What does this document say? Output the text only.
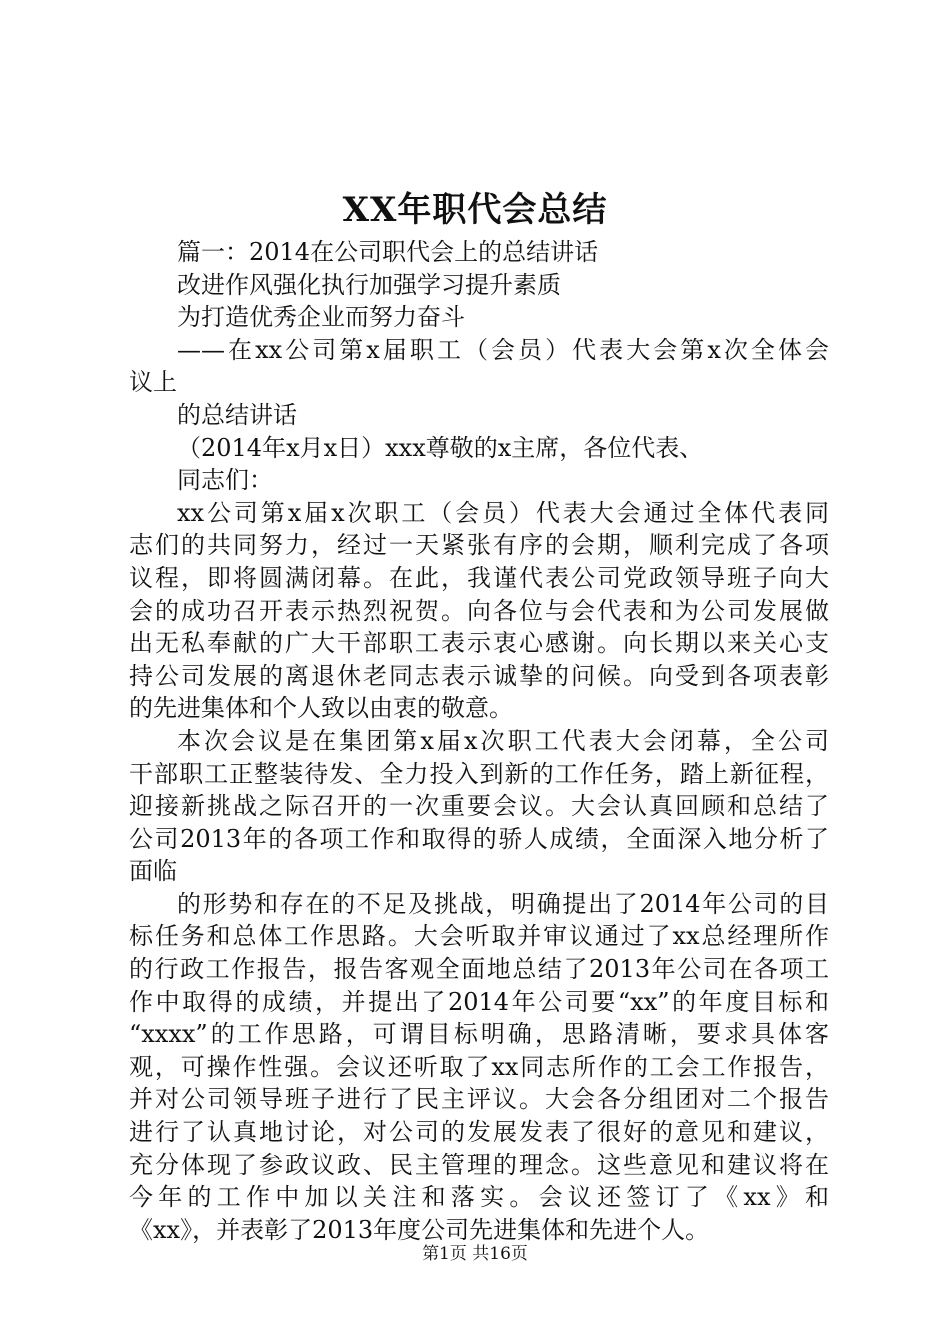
XX年职代会总结
篇一：2014在公司职代会上的总结讲话
改进作风强化执行加强学习提升素质
为打造优秀企业而努力奋斗
——在xx公司第x届职工（会员）代表大会第x次全体会
议上
的总结讲话
（2014年x月x日）xxx尊敬的x主席，各位代表、
同志们：
xx公司第x届x次职工（会员）代表大会通过全体代表同
志们的共同努力，经过一天紧张有序的会期，顺利完成了各项
议程，即将圆满闭幕。在此，我谨代表公司党政领导班子向大
会的成功召开表示热烈祝贺。向各位与会代表和为公司发展做
出无私奉献的广大干部职工表示衷心感谢。向长期以来关心支
持公司发展的离退休老同志表示诚挚的问候。向受到各项表彰
的先进集体和个人致以由衷的敬意。
本次会议是在集团第x届x次职工代表大会闭幕，全公司
干部职工正整装待发、全力投入到新的工作任务，踏上新征程，
迎接新挑战之际召开的一次重要会议。大会认真回顾和总结了
公司2013年的各项工作和取得的骄人成绩，全面深入地分析了
面临
的形势和存在的不足及挑战，明确提出了2014年公司的目
标任务和总体工作思路。大会听取并审议通过了xx总经理所作
的行政工作报告，报告客观全面地总结了2013年公司在各项工
作中取得的成绩，并提出了2014年公司要“xx”的年度目标和
“xxxx”的工作思路，可谓目标明确，思路清晰，要求具体客
观，可操作性强。会议还听取了xx同志所作的工会工作报告，
并对公司领导班子进行了民主评议。大会各分组团对二个报告
进行了认真地讨论，对公司的发展发表了很好的意见和建议，
充分体现了参政议政、民主管理的理念。这些意见和建议将在
今年的工作中加以关注和落实。会议还签订了《xx》和
《xx》，并表彰了2013年度公司先进集体和先进个人。
第1页 共16页
